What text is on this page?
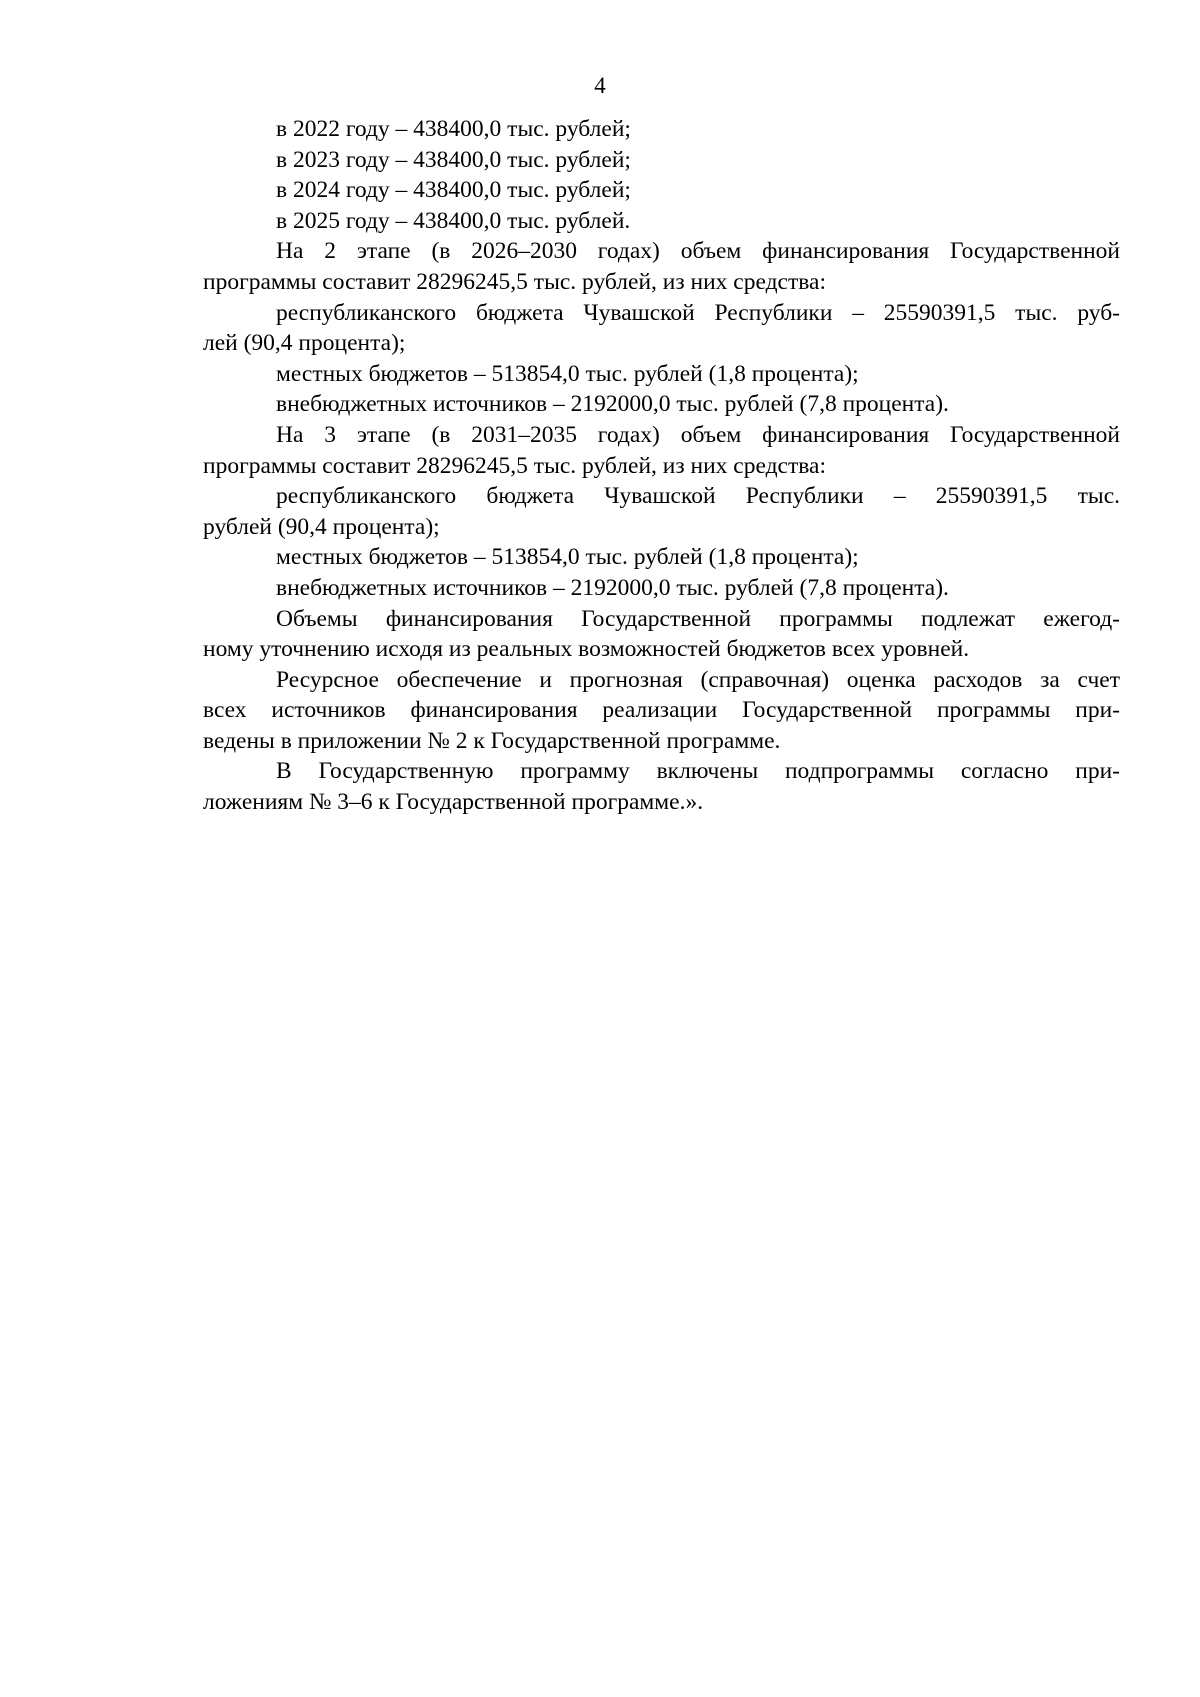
4
в 2022 году – 438400,0 тыс. рублей;
в 2023 году – 438400,0 тыс. рублей;
в 2024 году – 438400,0 тыс. рублей;
в 2025 году – 438400,0 тыс. рублей.
На 2 этапе (в 2026–2030 годах) объем финансирования Государственной
программы составит 28296245,5 тыс. рублей, из них средства:
республиканского бюджета Чувашской Республики – 25590391,5 тыс. руб-
лей (90,4 процента);
местных бюджетов – 513854,0 тыс. рублей (1,8 процента);
внебюджетных источников – 2192000,0 тыс. рублей (7,8 процента).
На 3 этапе (в 2031–2035 годах) объем финансирования Государственной
программы составит 28296245,5 тыс. рублей, из них средства:
республиканского бюджета Чувашской Республики – 25590391,5 тыс.
рублей (90,4 процента);
местных бюджетов – 513854,0 тыс. рублей (1,8 процента);
внебюджетных источников – 2192000,0 тыс. рублей (7,8 процента).
Объемы финансирования Государственной программы подлежат ежегод-
ному уточнению исходя из реальных возможностей бюджетов всех уровней.
Ресурсное обеспечение и прогнозная (справочная) оценка расходов за счет
всех источников финансирования реализации Государственной программы при-
ведены в приложении № 2 к Государственной программе.
В Государственную программу включены подпрограммы согласно при-
ложениям № 3–6 к Государственной программе.».
